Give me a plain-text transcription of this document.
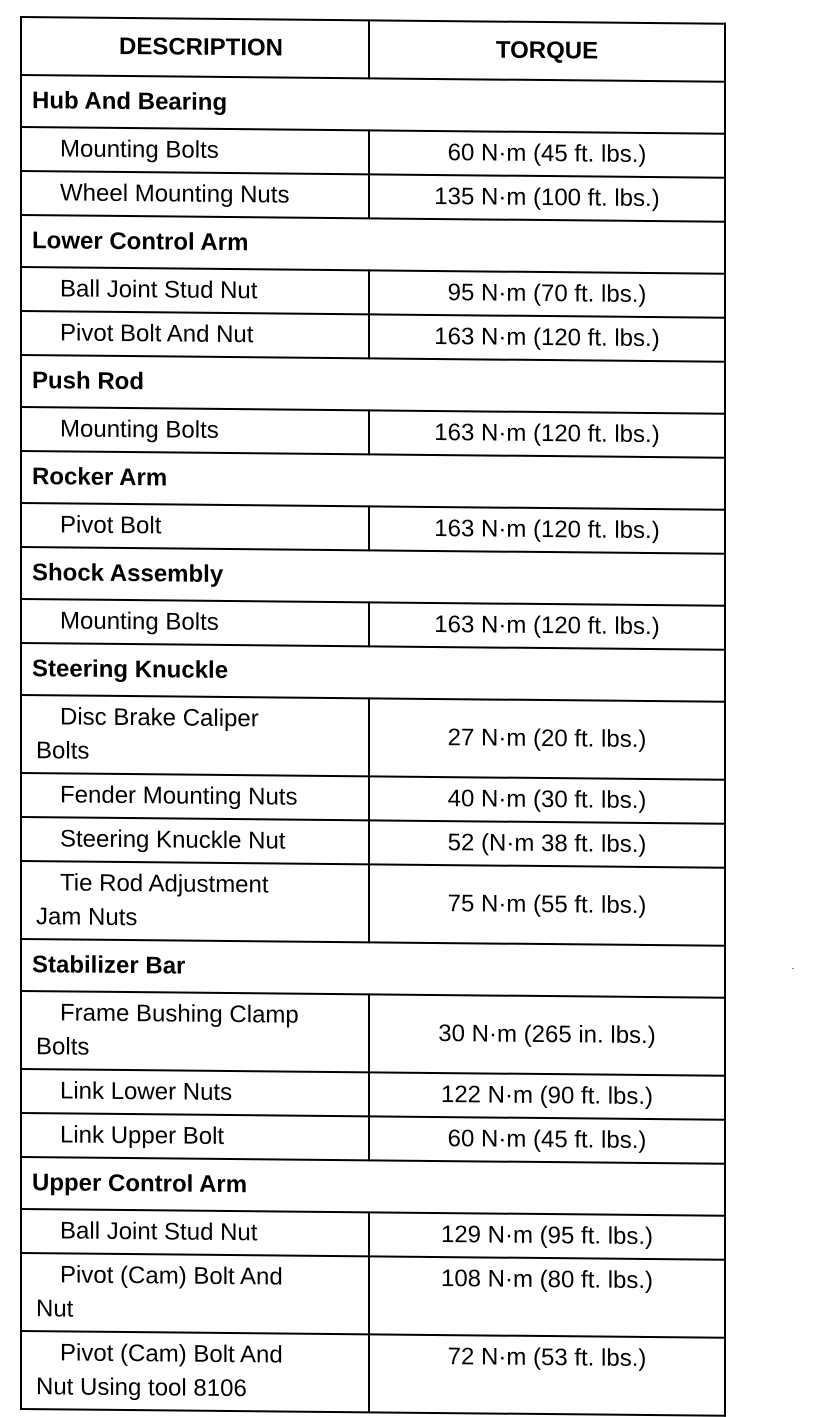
DESCRIPTION	TORQUE
Hub And Bearing	
Mounting Bolts	60 N·m (45 ft. lbs.)
Wheel Mounting Nuts	135 N·m (100 ft. lbs.)
Lower Control Arm	
Ball Joint Stud Nut	95 N·m (70 ft. lbs.)
Pivot Bolt And Nut	163 N·m (120 ft. lbs.)
Push Rod	
Mounting Bolts	163 N·m (120 ft. lbs.)
Rocker Arm	
Pivot Bolt	163 N·m (120 ft. lbs.)
Shock Assembly	
Mounting Bolts	163 N·m (120 ft. lbs.)
Steering Knuckle	
Disc Brake Caliper
Bolts	27 N·m (20 ft. lbs.)
Fender Mounting Nuts	40 N·m (30 ft. lbs.)
Steering Knuckle Nut	52 (N·m 38 ft. lbs.)
Tie Rod Adjustment
Jam Nuts	75 N·m (55 ft. lbs.)
Stabilizer Bar	
Frame Bushing Clamp
Bolts	30 N·m (265 in. lbs.)
Link Lower Nuts	122 N·m (90 ft. lbs.)
Link Upper Bolt	60 N·m (45 ft. lbs.)
Upper Control Arm	
Ball Joint Stud Nut	129 N·m (95 ft. lbs.)
Pivot (Cam) Bolt And
Nut	108 N·m (80 ft. lbs.)
Pivot (Cam) Bolt And
Nut Using tool 8106	72 N·m (53 ft. lbs.)
